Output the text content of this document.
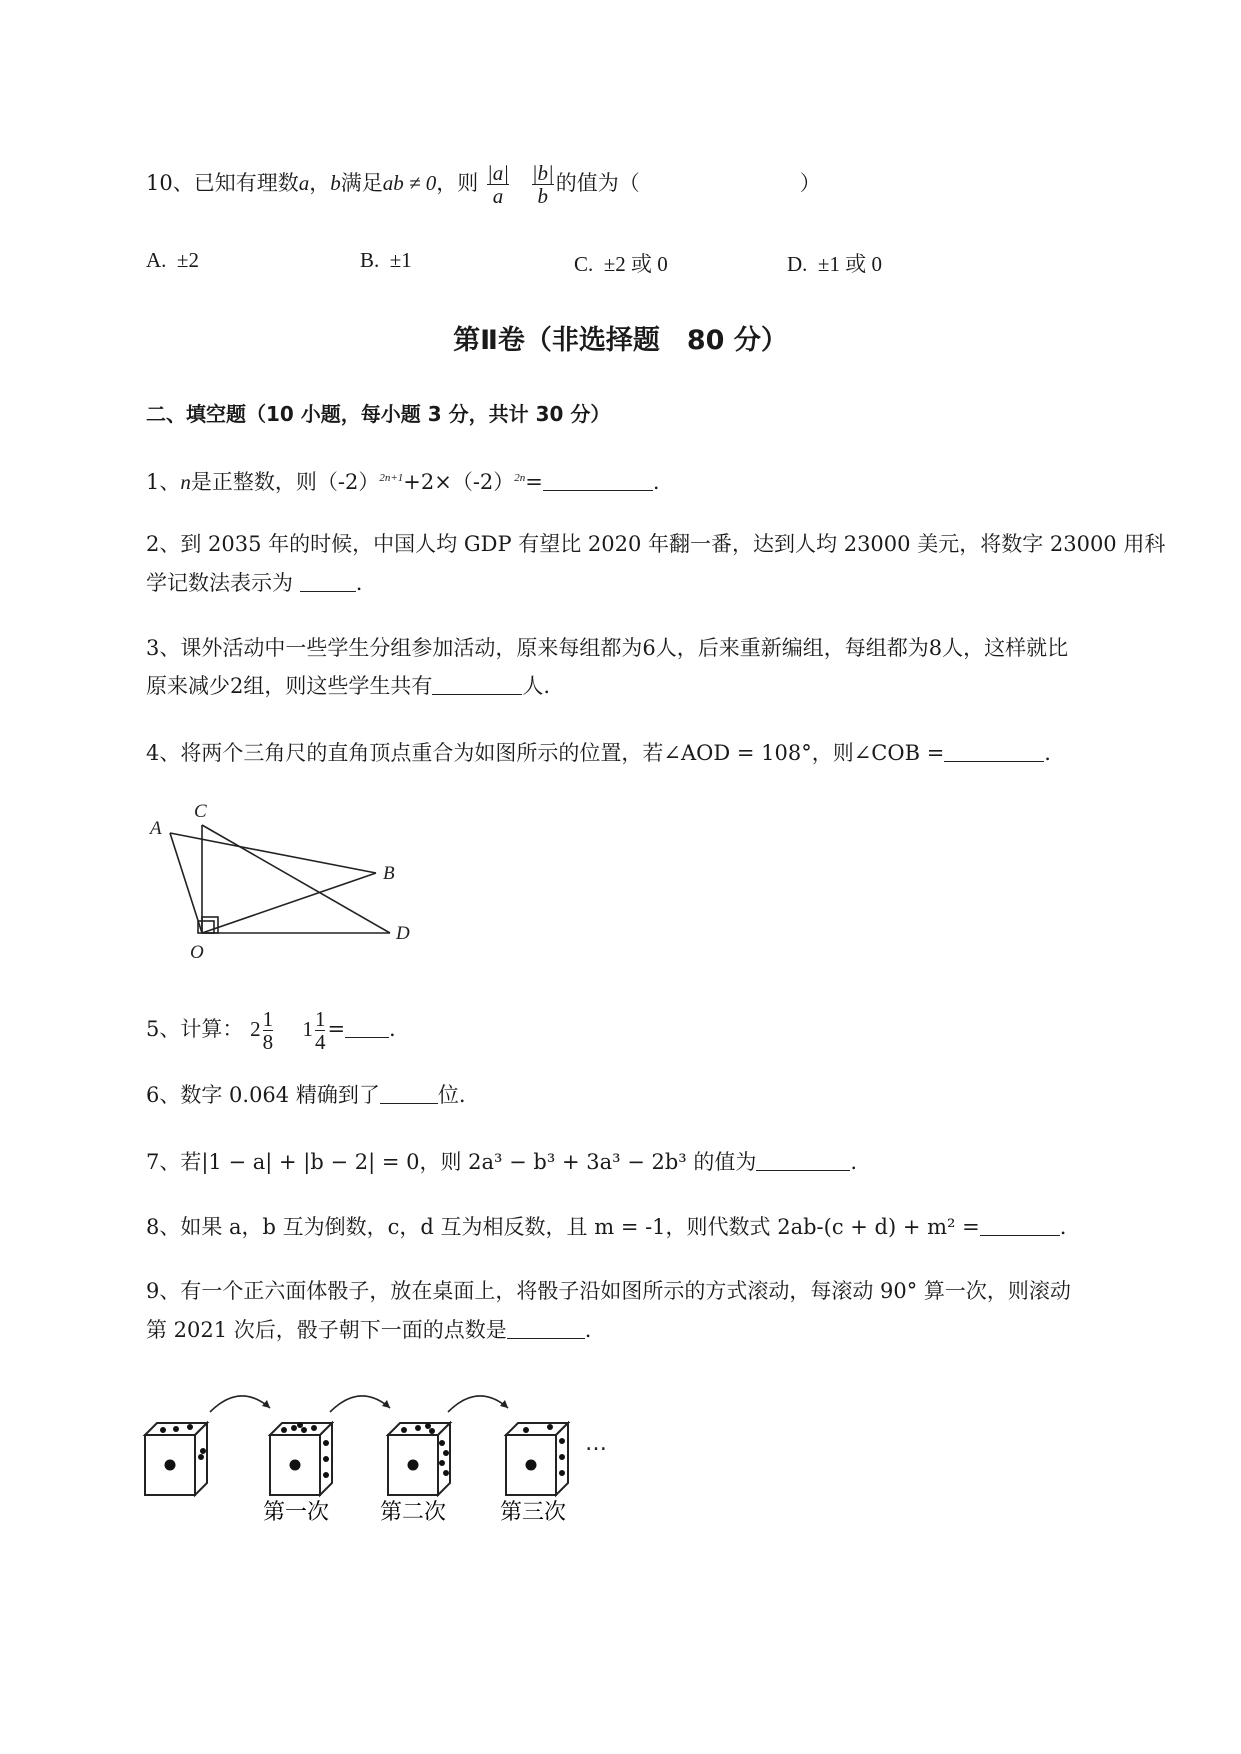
10、已知有理数a，b满足ab ≠ 0，则 $\frac{|a|}{a}$
$\frac{|b|}{b}$ 的值为（	）
A. ±2	B. ±1	C. ±2 或 0	D. ±1 或 0
第Ⅱ卷（非选择题　80 分）
二、填空题（10 小题，每小题 3 分，共计 30 分）
1、n是正整数，则$(-2)^{2n+1}+2\times(-2)^{2n}=$	.
2、到 2035 年的时候，中国人均 GDP 有望比 2020 年翻一番，达到人均 23000 美元，将数字 23000 用科
学记数法表示为	.
3、课外活动中一些学生分组参加活动，原来每组都为6人，后来重新编组，每组都为8人，这样就比
原来减少2组，则这些学生共有	人.
4、将两个三角尺的直角顶点重合为如图所示的位置，若∠AOD = 108°，则∠COB =	.
A
C
B
O
D
5、计算： $2 \frac{1}{8} 1 \frac{1}{4}$ = .
6、数字 0.064 精确到了	位.
7、若|1 − a| + |b − 2| = 0，则 2a³ − b³ + 3a³ − 2b³ 的值为	.
8、如果 a，b 互为倒数，c，d 互为相反数，且 m = -1，则代数式 2ab-(c + d) + m² =	.
9、有一个正六面体骰子，放在桌面上，将骰子沿如图所示的方式滚动，每滚动 90° 算一次，则滚动
第 2021 次后，骰子朝下一面的点数是	.
…
第一次 第二次 第三次
